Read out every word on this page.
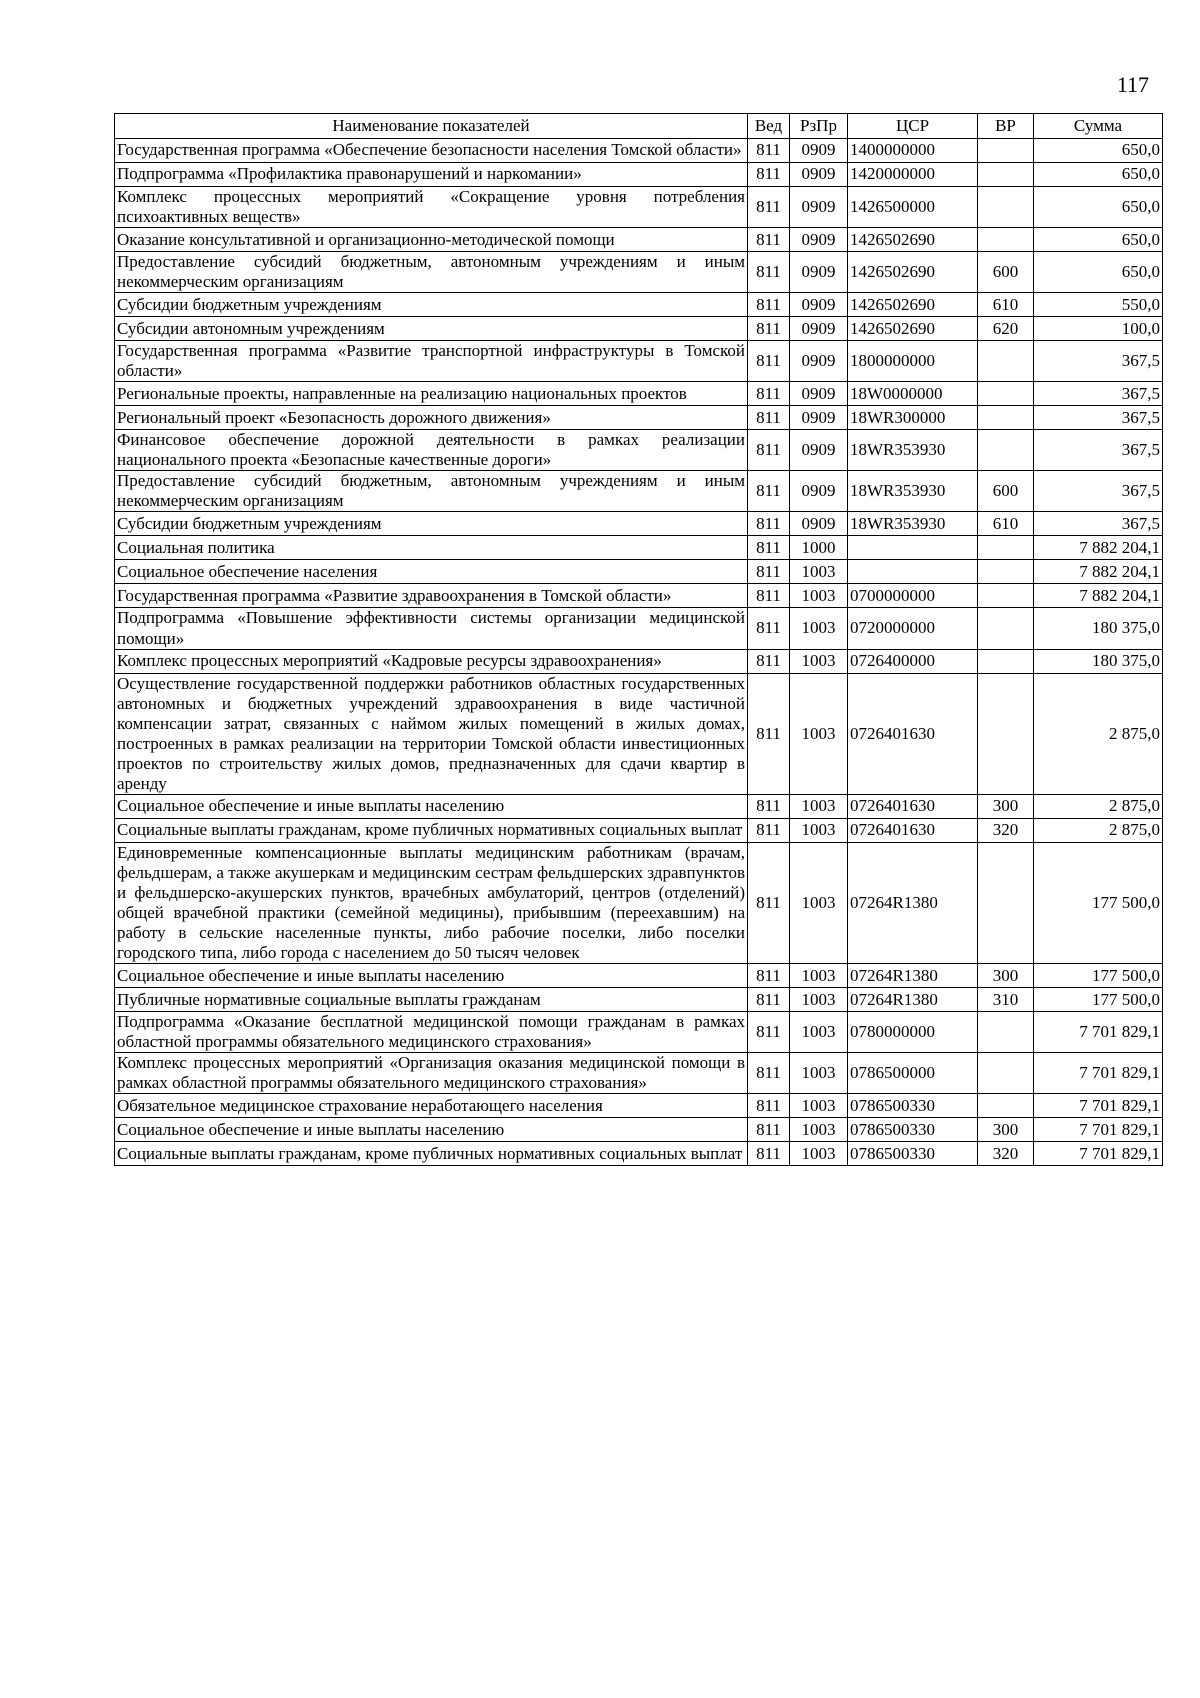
117
Наименование показателей	Вед	РзПр	ЦСР	ВР	Сумма
Государственная программа «Обеспечение безопасности населения Томской области»	811	0909	1400000000		650,0
Подпрограмма «Профилактика правонарушений и наркомании»	811	0909	1420000000		650,0
Комплекс процессных мероприятий «Сокращение уровня потребления психоактивных веществ»	811	0909	1426500000		650,0
Оказание консультативной и организационно-методической помощи	811	0909	1426502690		650,0
Предоставление субсидий бюджетным, автономным учреждениям и иным некоммерческим организациям	811	0909	1426502690	600	650,0
Субсидии бюджетным учреждениям	811	0909	1426502690	610	550,0
Субсидии автономным учреждениям	811	0909	1426502690	620	100,0
Государственная программа «Развитие транспортной инфраструктуры в Томской области»	811	0909	1800000000		367,5
Региональные проекты, направленные на реализацию национальных проектов	811	0909	18W0000000		367,5
Региональный проект «Безопасность дорожного движения»	811	0909	18WR300000		367,5
Финансовое обеспечение дорожной деятельности в рамках реализации национального проекта «Безопасные качественные дороги»	811	0909	18WR353930		367,5
Предоставление субсидий бюджетным, автономным учреждениям и иным некоммерческим организациям	811	0909	18WR353930	600	367,5
Субсидии бюджетным учреждениям	811	0909	18WR353930	610	367,5
Социальная политика	811	1000			7 882 204,1
Социальное обеспечение населения	811	1003			7 882 204,1
Государственная программа «Развитие здравоохранения в Томской области»	811	1003	0700000000		7 882 204,1
Подпрограмма «Повышение эффективности системы организации медицинской помощи»	811	1003	0720000000		180 375,0
Комплекс процессных мероприятий «Кадровые ресурсы здравоохранения»	811	1003	0726400000		180 375,0
Осуществление государственной поддержки работников областных государственных автономных и бюджетных учреждений здравоохранения в виде частичной компенсации затрат, связанных с наймом жилых помещений в жилых домах, построенных в рамках реализации на территории Томской области инвестиционных проектов по строительству жилых домов, предназначенных для сдачи квартир в аренду	811	1003	0726401630		2 875,0
Социальное обеспечение и иные выплаты населению	811	1003	0726401630	300	2 875,0
Социальные выплаты гражданам, кроме публичных нормативных социальных выплат	811	1003	0726401630	320	2 875,0
Единовременные компенсационные выплаты медицинским работникам (врачам, фельдшерам, а также акушеркам и медицинским сестрам фельдшерских здравпунктов и фельдшерско-акушерских пунктов, врачебных амбулаторий, центров (отделений) общей врачебной практики (семейной медицины), прибывшим (переехавшим) на работу в сельские населенные пункты, либо рабочие поселки, либо поселки городского типа, либо города с населением до 50 тысяч человек	811	1003	07264R1380		177 500,0
Социальное обеспечение и иные выплаты населению	811	1003	07264R1380	300	177 500,0
Публичные нормативные социальные выплаты гражданам	811	1003	07264R1380	310	177 500,0
Подпрограмма «Оказание бесплатной медицинской помощи гражданам в рамках областной программы обязательного медицинского страхования»	811	1003	0780000000		7 701 829,1
Комплекс процессных мероприятий «Организация оказания медицинской помощи в рамках областной программы обязательного медицинского страхования»	811	1003	0786500000		7 701 829,1
Обязательное медицинское страхование неработающего населения	811	1003	0786500330		7 701 829,1
Социальное обеспечение и иные выплаты населению	811	1003	0786500330	300	7 701 829,1
Социальные выплаты гражданам, кроме публичных нормативных социальных выплат	811	1003	0786500330	320	7 701 829,1
